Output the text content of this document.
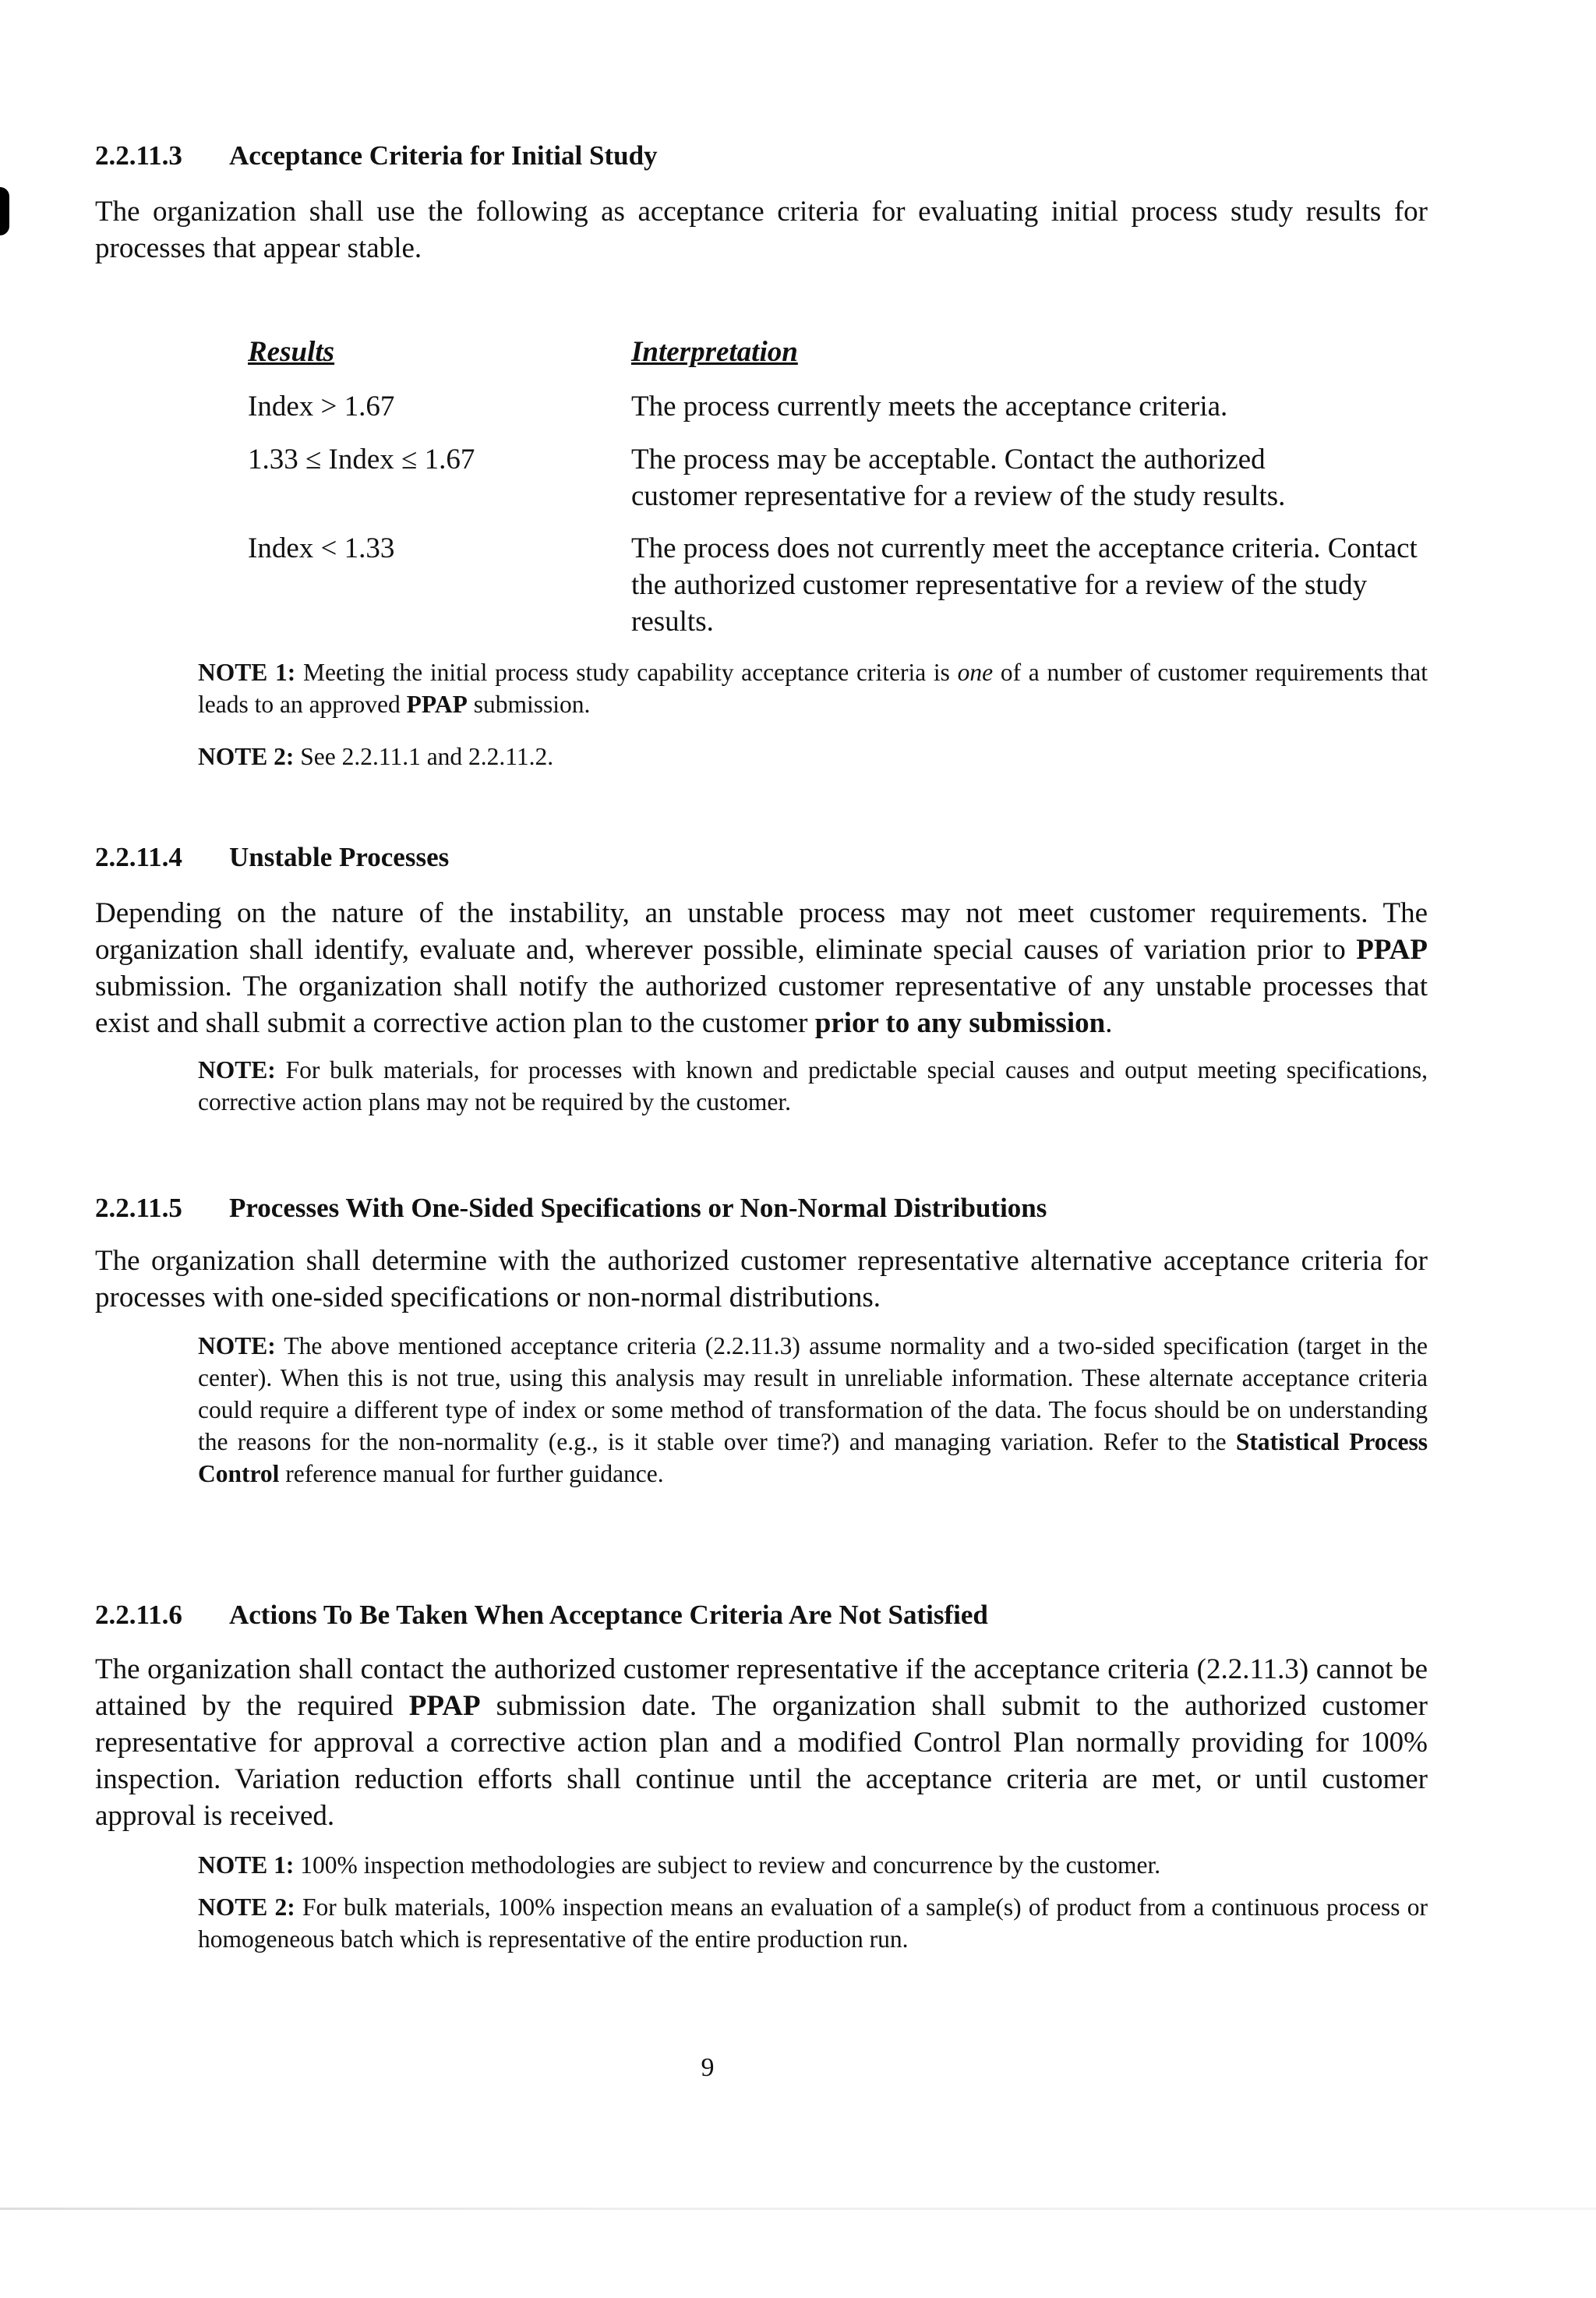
2.2.11.3 Acceptance Criteria for Initial Study
The organization shall use the following as acceptance criteria for evaluating initial process study results for processes that appear stable.
Results	Interpretation
Index > 1.67	The process currently meets the acceptance criteria.
1.33 ≤ Index ≤ 1.67	The process may be acceptable. Contact the authorized customer representative for a review of the study results.
Index < 1.33	The process does not currently meet the acceptance criteria. Contact the authorized customer representative for a review of the study results.
NOTE 1: Meeting the initial process study capability acceptance criteria is one of a number of customer requirements that leads to an approved PPAP submission.
NOTE 2: See 2.2.11.1 and 2.2.11.2.
2.2.11.4 Unstable Processes
Depending on the nature of the instability, an unstable process may not meet customer requirements. The organization shall identify, evaluate and, wherever possible, eliminate special causes of variation prior to PPAP submission. The organization shall notify the authorized customer representative of any unstable processes that exist and shall submit a corrective action plan to the customer prior to any submission.
NOTE: For bulk materials, for processes with known and predictable special causes and output meeting specifications, corrective action plans may not be required by the customer.
2.2.11.5 Processes With One-Sided Specifications or Non-Normal Distributions
The organization shall determine with the authorized customer representative alternative acceptance criteria for processes with one-sided specifications or non-normal distributions.
NOTE: The above mentioned acceptance criteria (2.2.11.3) assume normality and a two-sided specification (target in the center). When this is not true, using this analysis may result in unreliable information. These alternate acceptance criteria could require a different type of index or some method of transformation of the data. The focus should be on understanding the reasons for the non-normality (e.g., is it stable over time?) and managing variation. Refer to the Statistical Process Control reference manual for further guidance.
2.2.11.6 Actions To Be Taken When Acceptance Criteria Are Not Satisfied
The organization shall contact the authorized customer representative if the acceptance criteria (2.2.11.3) cannot be attained by the required PPAP submission date. The organization shall submit to the authorized customer representative for approval a corrective action plan and a modified Control Plan normally providing for 100% inspection. Variation reduction efforts shall continue until the acceptance criteria are met, or until customer approval is received.
NOTE 1: 100% inspection methodologies are subject to review and concurrence by the customer.
NOTE 2: For bulk materials, 100% inspection means an evaluation of a sample(s) of product from a continuous process or homogeneous batch which is representative of the entire production run.
9
